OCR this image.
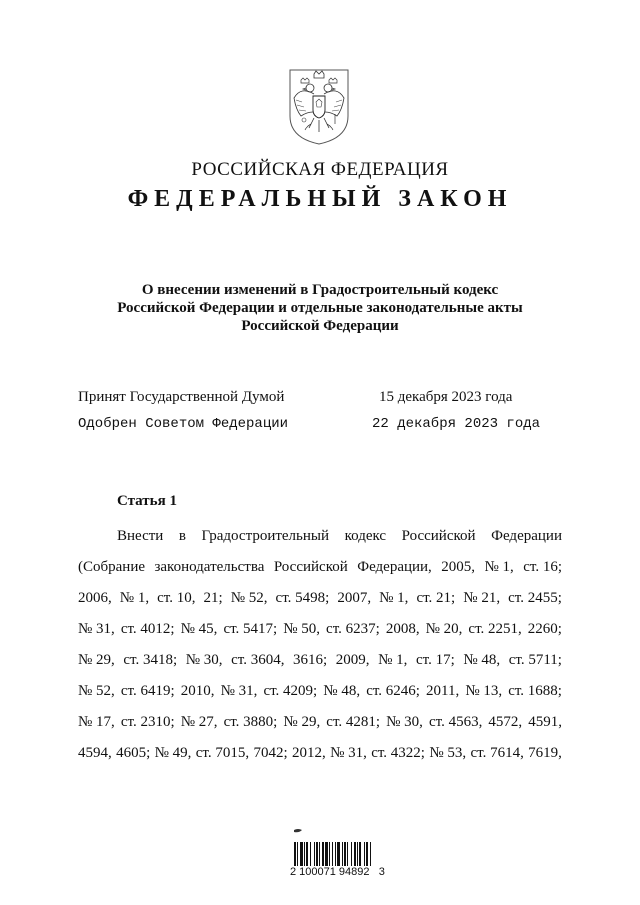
РОССИЙСКАЯ ФЕДЕРАЦИЯ
ФЕДЕРАЛЬНЫЙ ЗАКОН
О внесении изменений в Градостроительный кодекс
Российской Федерации и отдельные законодательные акты
Российской Федерации
Принят Государственной Думой	15 декабря 2023 года
Одобрен Советом Федерации	22 декабря 2023 года
Статья 1
Внести в Градостроительный кодекс Российской Федерации
(Собрание законодательства Российской Федерации, 2005, № 1, ст. 16;
2006, № 1, ст. 10, 21; № 52, ст. 5498; 2007, № 1, ст. 21; № 21, ст. 2455;
№ 31, ст. 4012; № 45, ст. 5417; № 50, ст. 6237; 2008, № 20, ст. 2251, 2260;
№ 29, ст. 3418; № 30, ст. 3604, 3616; 2009, № 1, ст. 17; № 48, ст. 5711;
№ 52, ст. 6419; 2010, № 31, ст. 4209; № 48, ст. 6246; 2011, № 13, ст. 1688;
№ 17, ст. 2310; № 27, ст. 3880; № 29, ст. 4281; № 30, ст. 4563, 4572, 4591,
4594, 4605; № 49, ст. 7015, 7042; 2012, № 31, ст. 4322; № 53, ст. 7614, 7619,
2 100071 94892 3
